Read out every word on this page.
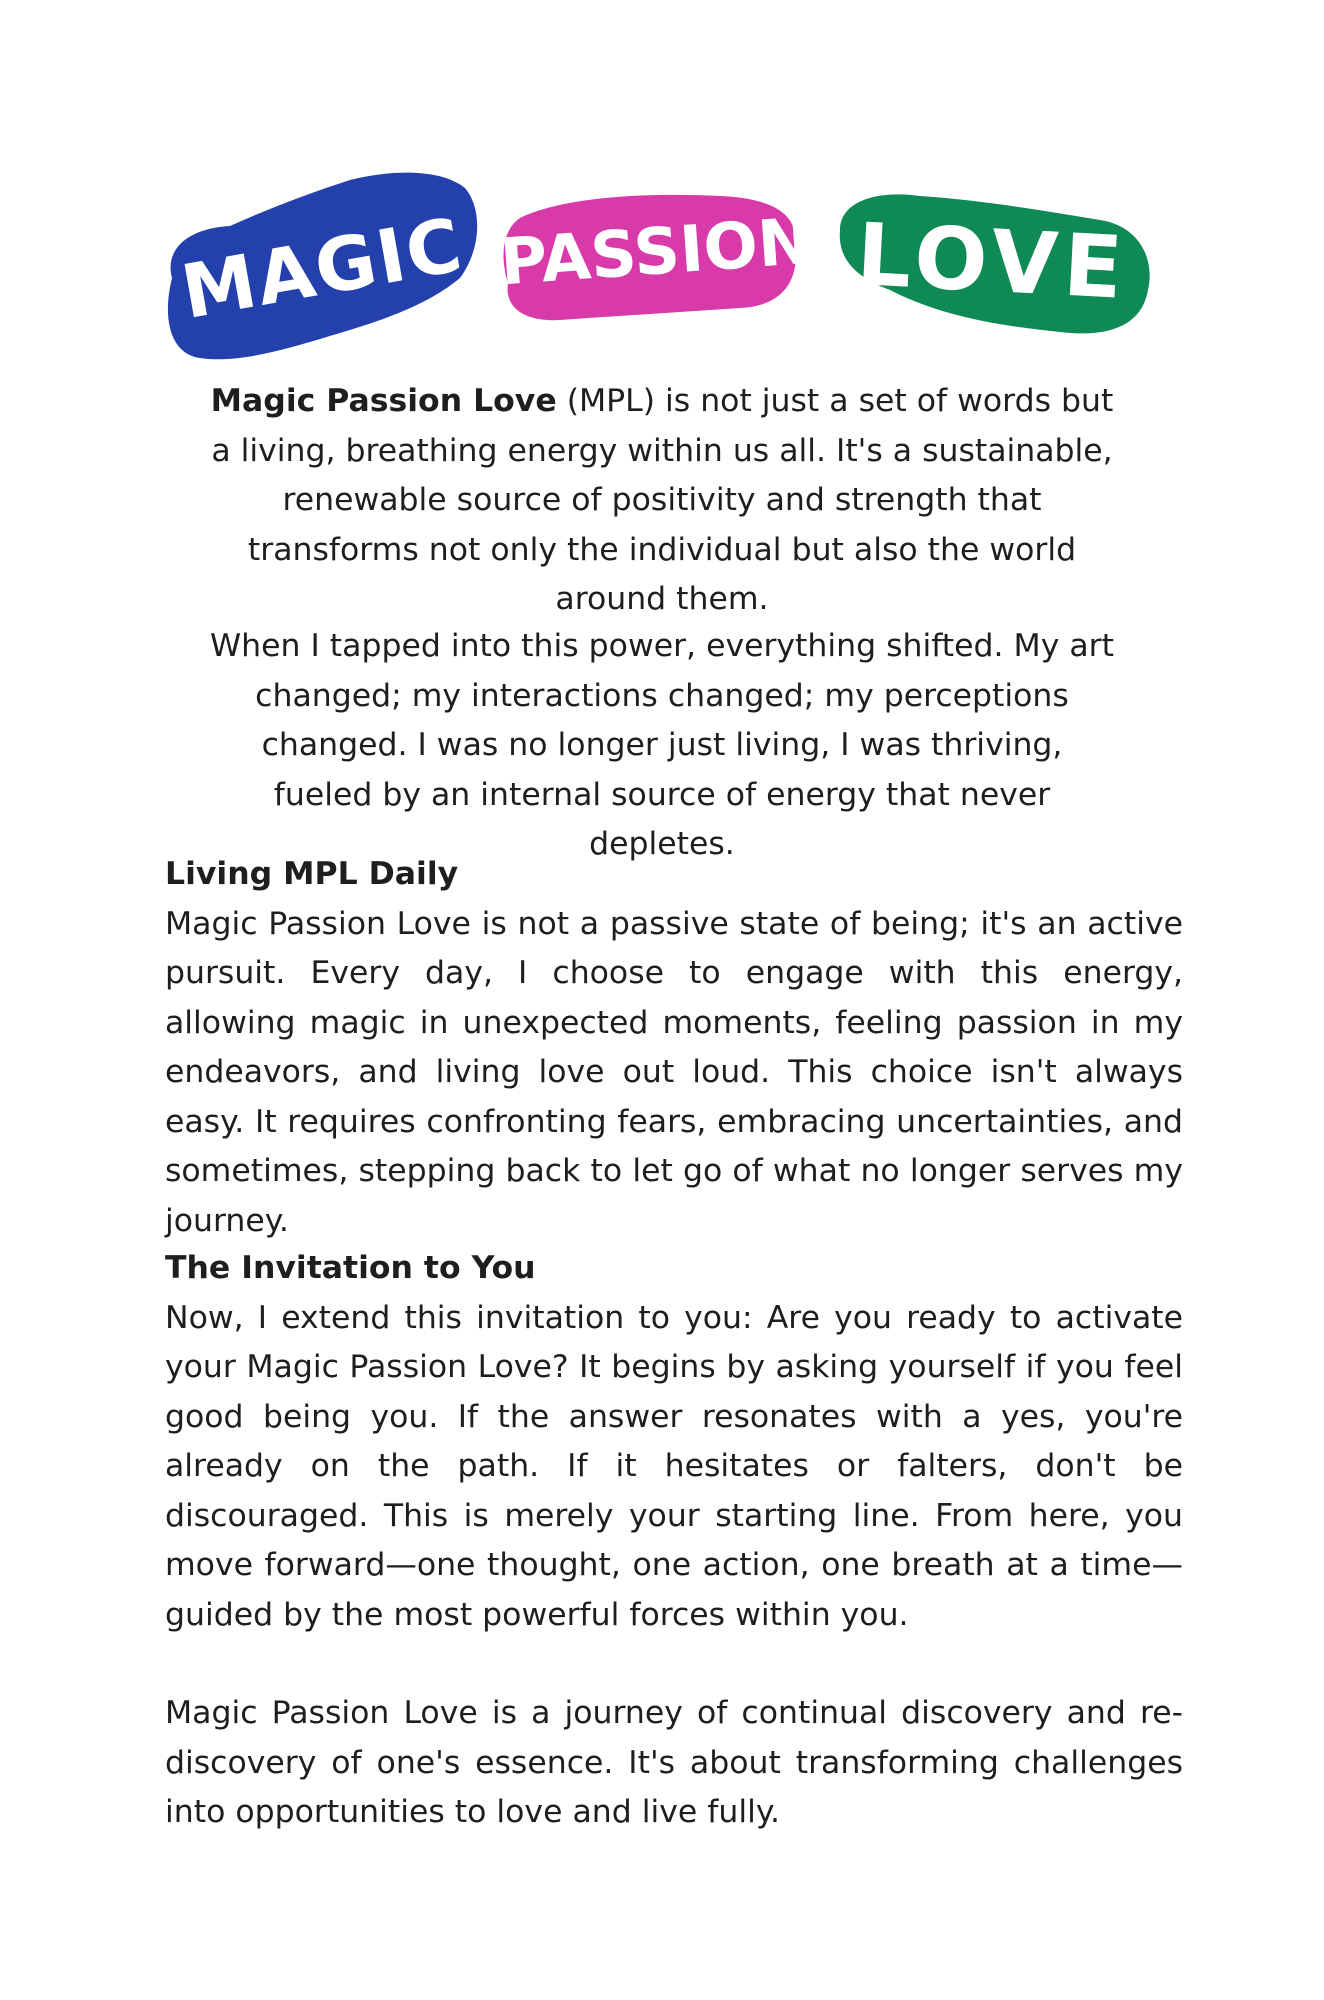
MAGIC PASSION LOVE

Magic Passion Love (MPL) is not just a set of words but a living, breathing energy within us all. It's a sustainable, renewable source of positivity and strength that transforms not only the individual but also the world around them.

When I tapped into this power, everything shifted. My art changed; my interactions changed; my perceptions changed. I was no longer just living, I was thriving, fueled by an internal source of energy that never depletes.

Living MPL Daily

Magic Passion Love is not a passive state of being; it's an active pursuit. Every day, I choose to engage with this energy, allowing magic in unexpected moments, feeling passion in my endeavors, and living love out loud. This choice isn't always easy. It requires confronting fears, embracing uncertainties, and sometimes, stepping back to let go of what no longer serves my journey.

The Invitation to You

Now, I extend this invitation to you: Are you ready to activate your Magic Passion Love? It begins by asking yourself if you feel good being you. If the answer resonates with a yes, you're already on the path. If it hesitates or falters, don't be discouraged. This is merely your starting line. From here, you move forward—one thought, one action, one breath at a time—guided by the most powerful forces within you.

Magic Passion Love is a journey of continual discovery and re-discovery of one's essence. It's about transforming challenges into opportunities to love and live fully.
